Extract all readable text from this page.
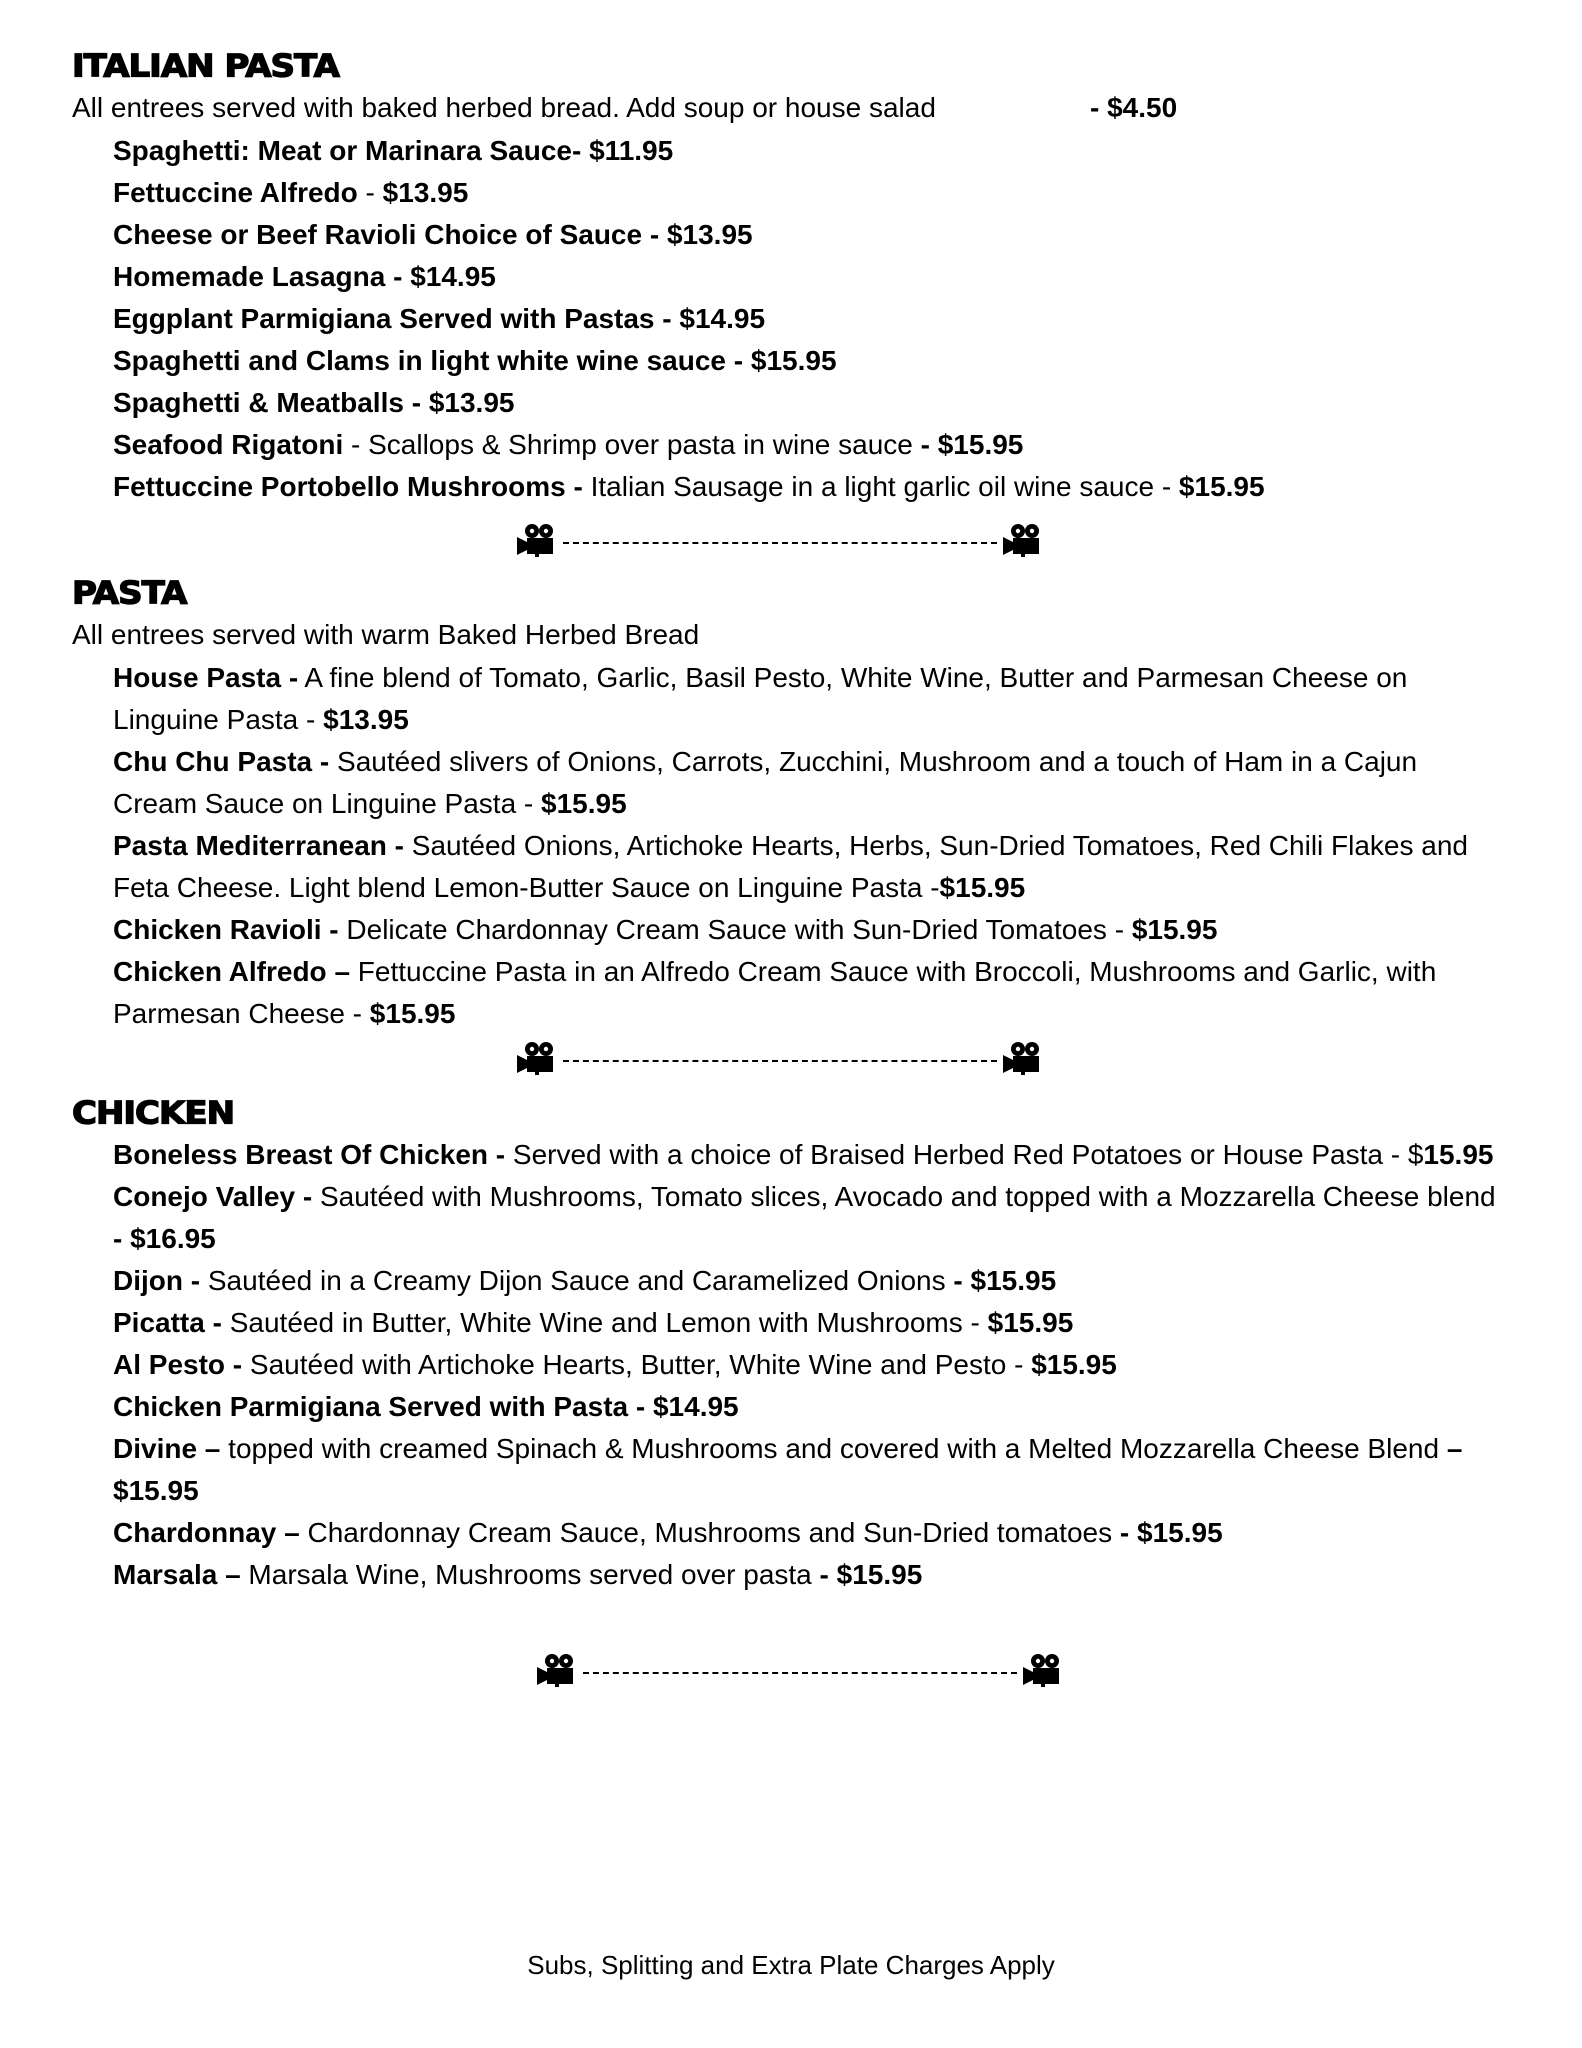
ITALIAN PASTA
All entrees served with baked herbed bread. Add soup or house salad	- $4.50
Spaghetti: Meat or Marinara Sauce- $11.95
Fettuccine Alfredo - $13.95
Cheese or Beef Ravioli Choice of Sauce - $13.95
Homemade Lasagna - $14.95
Eggplant Parmigiana Served with Pastas - $14.95
Spaghetti and Clams in light white wine sauce - $15.95
Spaghetti & Meatballs - $13.95
Seafood Rigatoni - Scallops & Shrimp over pasta in wine sauce - $15.95
Fettuccine Portobello Mushrooms - Italian Sausage in a light garlic oil wine sauce - $15.95
PASTA
All entrees served with warm Baked Herbed Bread
House Pasta - A fine blend of Tomato, Garlic, Basil Pesto, White Wine, Butter and Parmesan Cheese on Linguine Pasta - $13.95
Chu Chu Pasta - Sautéed slivers of Onions, Carrots, Zucchini, Mushroom and a touch of Ham in a Cajun Cream Sauce on Linguine Pasta - $15.95
Pasta Mediterranean - Sautéed Onions, Artichoke Hearts, Herbs, Sun-Dried Tomatoes, Red Chili Flakes and Feta Cheese. Light blend Lemon-Butter Sauce on Linguine Pasta -$15.95
Chicken Ravioli - Delicate Chardonnay Cream Sauce with Sun-Dried Tomatoes - $15.95
Chicken Alfredo – Fettuccine Pasta in an Alfredo Cream Sauce with Broccoli, Mushrooms and Garlic, with Parmesan Cheese - $15.95
CHICKEN
Boneless Breast Of Chicken - Served with a choice of Braised Herbed Red Potatoes or House Pasta - $15.95
Conejo Valley - Sautéed with Mushrooms, Tomato slices, Avocado and topped with a Mozzarella Cheese blend - $16.95
Dijon - Sautéed in a Creamy Dijon Sauce and Caramelized Onions - $15.95
Picatta - Sautéed in Butter, White Wine and Lemon with Mushrooms - $15.95
Al Pesto - Sautéed with Artichoke Hearts, Butter, White Wine and Pesto - $15.95
Chicken Parmigiana Served with Pasta - $14.95
Divine – topped with creamed Spinach & Mushrooms and covered with a Melted Mozzarella Cheese Blend – $15.95
Chardonnay – Chardonnay Cream Sauce, Mushrooms and Sun-Dried tomatoes - $15.95
Marsala – Marsala Wine, Mushrooms served over pasta - $15.95
Subs, Splitting and Extra Plate Charges Apply
